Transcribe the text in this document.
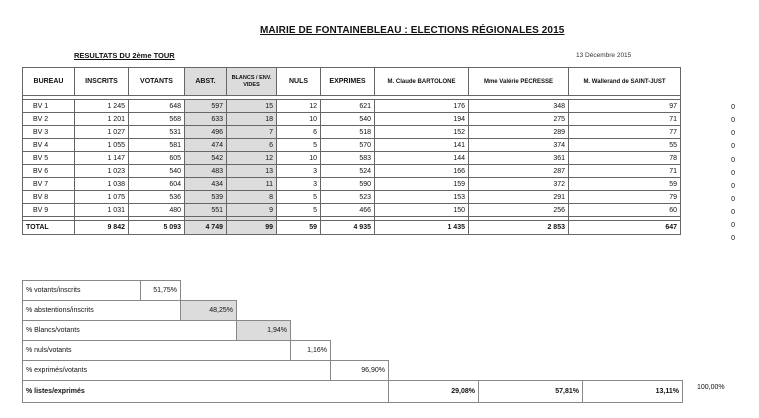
MAIRIE DE FONTAINEBLEAU : ELECTIONS RÉGIONALES 2015
RESULTATS DU 2ème TOUR	13 Décembre 2015
BUREAU	INSCRITS	VOTANTS	ABST.	BLANCS / ENV. VIDES	NULS	EXPRIMES	M. Claude BARTOLONE	Mme Valérie PECRESSE	M. Wallerand de SAINT-JUST

BV 1	1 245	648	597	15	12	621	176	348	97
BV 2	1 201	568	633	18	10	540	194	275	71
BV 3	1 027	531	496	7	6	518	152	289	77
BV 4	1 055	581	474	6	5	570	141	374	55
BV 5	1 147	605	542	12	10	583	144	361	78
BV 6	1 023	540	483	13	3	524	166	287	71
BV 7	1 038	604	434	11	3	590	159	372	59
BV 8	1 075	536	539	8	5	523	153	291	79
BV 9	1 031	480	551	9	5	466	150	256	60

TOTAL	9 842	5 093	4 749	99	59	4 935	1 435	2 853	647
0
0
0
0
0
0
0
0
0
0
0
% votants/inscrits	51,75%							
% abstentions/inscrits		48,25%						
% Blancs/votants			1,94%					
% nuls/votants				1,16%				
% exprimés/votants					96,90%			
% listes/exprimés						29,08%	57,81%	13,11%
100,00%
